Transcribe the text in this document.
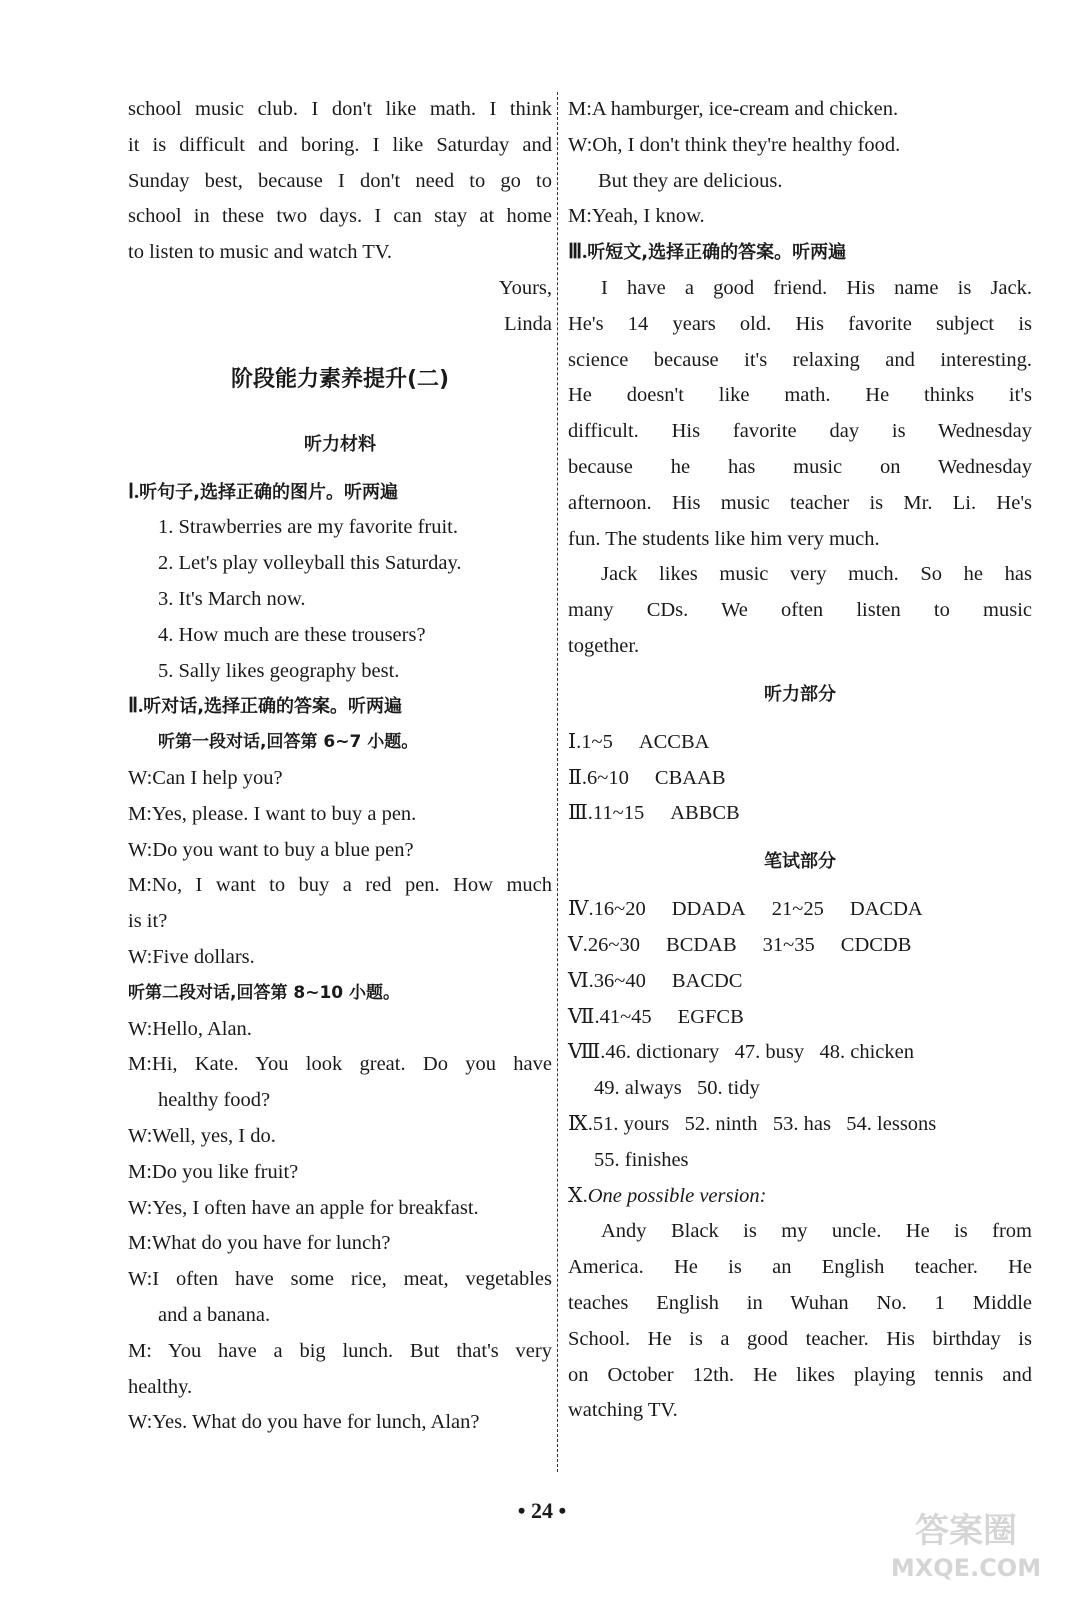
school music club. I don't like math. I think
it is difficult and boring. I like Saturday and
Sunday best, because I don't need to go to
school in these two days. I can stay at home
to listen to music and watch TV.
Yours,
Linda
阶段能力素养提升(二)
听力材料
Ⅰ.听句子,选择正确的图片。听两遍
1. Strawberries are my favorite fruit.
2. Let's play volleyball this Saturday.
3. It's March now.
4. How much are these trousers?
5. Sally likes geography best.
Ⅱ.听对话,选择正确的答案。听两遍
听第一段对话,回答第 6~7 小题。
W:Can I help you?
M:Yes, please. I want to buy a pen.
W:Do you want to buy a blue pen?
M:No, I want to buy a red pen. How much
is it?
W:Five dollars.
听第二段对话,回答第 8~10 小题。
W:Hello, Alan.
M:Hi, Kate. You look great. Do you have
healthy food?
W:Well, yes, I do.
M:Do you like fruit?
W:Yes, I often have an apple for breakfast.
M:What do you have for lunch?
W:I often have some rice, meat, vegetables
and a banana.
M: You have a big lunch. But that's very
healthy.
W:Yes. What do you have for lunch, Alan?
M:A hamburger, ice-cream and chicken.
W:Oh, I don't think they're healthy food.
But they are delicious.
M:Yeah, I know.
Ⅲ.听短文,选择正确的答案。听两遍
I have a good friend. His name is Jack.
He's 14 years old. His favorite subject is
science because it's relaxing and interesting.
He doesn't like math. He thinks it's
difficult. His favorite day is Wednesday
because he has music on Wednesday
afternoon. His music teacher is Mr. Li. He's
fun. The students like him very much.
Jack likes music very much. So he has
many CDs. We often listen to music
together.
听力部分
Ⅰ.1~5 ACCBA
Ⅱ.6~10 CBAAB
Ⅲ.11~15 ABBCB
笔试部分
Ⅳ.16~20 DDADA 21~25 DACDA
Ⅴ.26~30 BCDAB 31~35 CDCDB
Ⅵ.36~40 BACDC
Ⅶ.41~45 EGFCB
Ⅷ.46. dictionary   47. busy   48. chicken
49. always   50. tidy
Ⅸ.51. yours   52. ninth   53. has   54. lessons
55. finishes
Ⅹ.One possible version:
Andy Black is my uncle. He is from
America. He is an English teacher. He
teaches English in Wuhan No. 1 Middle
School. He is a good teacher. His birthday is
on October 12th. He likes playing tennis and
watching TV.
• 24 •
答案圈
MXQE.COM
